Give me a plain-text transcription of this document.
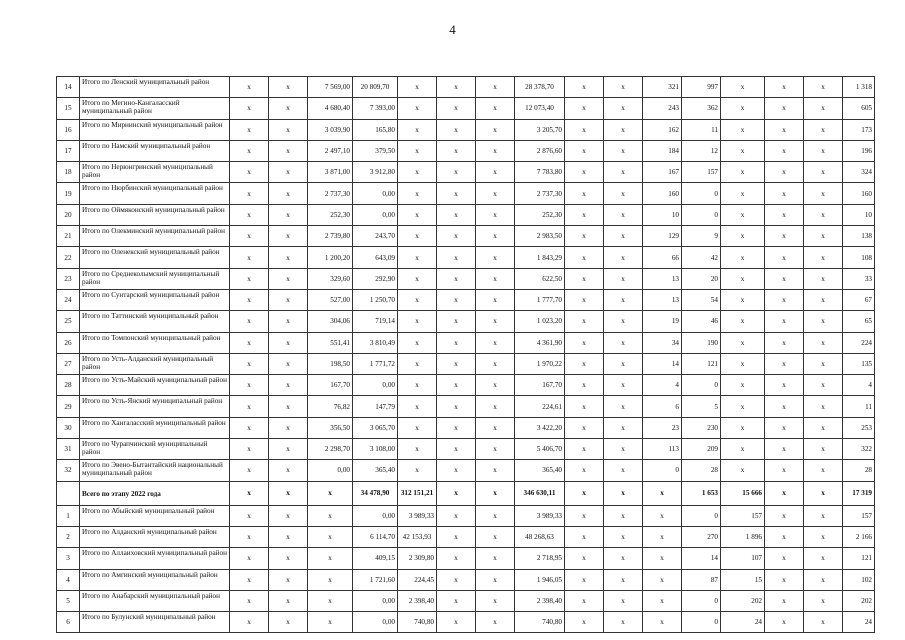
4
14	Итого по Ленский муниципальный район	x	x	7 569,00	20 809,70	x	x	x	28 378,70	x	x	321	997	x	x	x	1 318
15	Итого по Мегино-Кангаласский муниципальный район	x	x	4 680,40	7 393,00	x	x	x	12 073,40	x	x	243	362	x	x	x	605
16	Итого по Мирнинский муниципальный район	x	x	3 039,90	165,80	x	x	x	3 205,70	x	x	162	11	x	x	x	173
17	Итого по Намский муниципальный район	x	x	2 497,10	379,50	x	x	x	2 876,60	x	x	184	12	x	x	x	196
18	Итого по Нерюнгринский муниципальный район	x	x	3 871,00	3 912,80	x	x	x	7 783,80	x	x	167	157	x	x	x	324
19	Итого по Нюрбинский муниципальный район	x	x	2 737,30	0,00	x	x	x	2 737,30	x	x	160	0	x	x	x	160
20	Итого по Оймяконский муниципальный район	x	x	252,30	0,00	x	x	x	252,30	x	x	10	0	x	x	x	10
21	Итого по Олекминский муниципальный район	x	x	2 739,80	243,70	x	x	x	2 983,50	x	x	129	9	x	x	x	138
22	Итого по Оленекский муниципальный район	x	x	1 200,20	643,09	x	x	x	1 843,29	x	x	66	42	x	x	x	108
23	Итого по Среднеколымский муниципальный район	x	x	329,60	292,90	x	x	x	622,50	x	x	13	20	x	x	x	33
24	Итого по Сунтарский муниципальный район	x	x	527,00	1 250,70	x	x	x	1 777,70	x	x	13	54	x	x	x	67
25	Итого по Таттинский муниципальный район	x	x	304,06	719,14	x	x	x	1 023,20	x	x	19	46	x	x	x	65
26	Итого по Томпонский муниципальный район	x	x	551,41	3 810,49	x	x	x	4 361,90	x	x	34	190	x	x	x	224
27	Итого по Усть-Алданский муниципальный район	x	x	198,50	1 771,72	x	x	x	1 970,22	x	x	14	121	x	x	x	135
28	Итого по Усть-Майский муниципальный район	x	x	167,70	0,00	x	x	x	167,70	x	x	4	0	x	x	x	4
29	Итого по Усть-Янский муниципальный район	x	x	76,82	147,79	x	x	x	224,61	x	x	6	5	x	x	x	11
30	Итого по Хангаласский муниципальный район	x	x	356,50	3 065,70	x	x	x	3 422,20	x	x	23	230	x	x	x	253
31	Итого по Чурапчинский муниципальный район	x	x	2 298,70	3 108,00	x	x	x	5 406,70	x	x	113	209	x	x	x	322
32	Итого по Эвено-Бытантайский национальный муниципальный район	x	x	0,00	365,40	x	x	x	365,40	x	x	0	28	x	x	x	28
	Всего по этапу 2022 года	x	x	x	34 478,90	312 151,21	x	x	346 630,11	x	x	x	1 653	15 666	x	x	17 319
1	Итого по Абыйский муниципальный район	x	x	x	0,00	3 989,33	x	x	3 989,33	x	x	x	0	157	x	x	157
2	Итого по Алданский муниципальный район	x	x	x	6 114,70	42 153,93	x	x	48 268,63	x	x	x	270	1 896	x	x	2 166
3	Итого по Аллаиховский муниципальный район	x	x	x	409,15	2 309,80	x	x	2 718,95	x	x	x	14	107	x	x	121
4	Итого по Амгинский муниципальный район	x	x	x	1 721,60	224,45	x	x	1 946,05	x	x	x	87	15	x	x	102
5	Итого по Анабарский муниципальный район	x	x	x	0,00	2 398,40	x	x	2 398,40	x	x	x	0	202	x	x	202
6	Итого по Булунский муниципальный район	x	x	x	0,00	740,80	x	x	740,80	x	x	x	0	24	x	x	24
